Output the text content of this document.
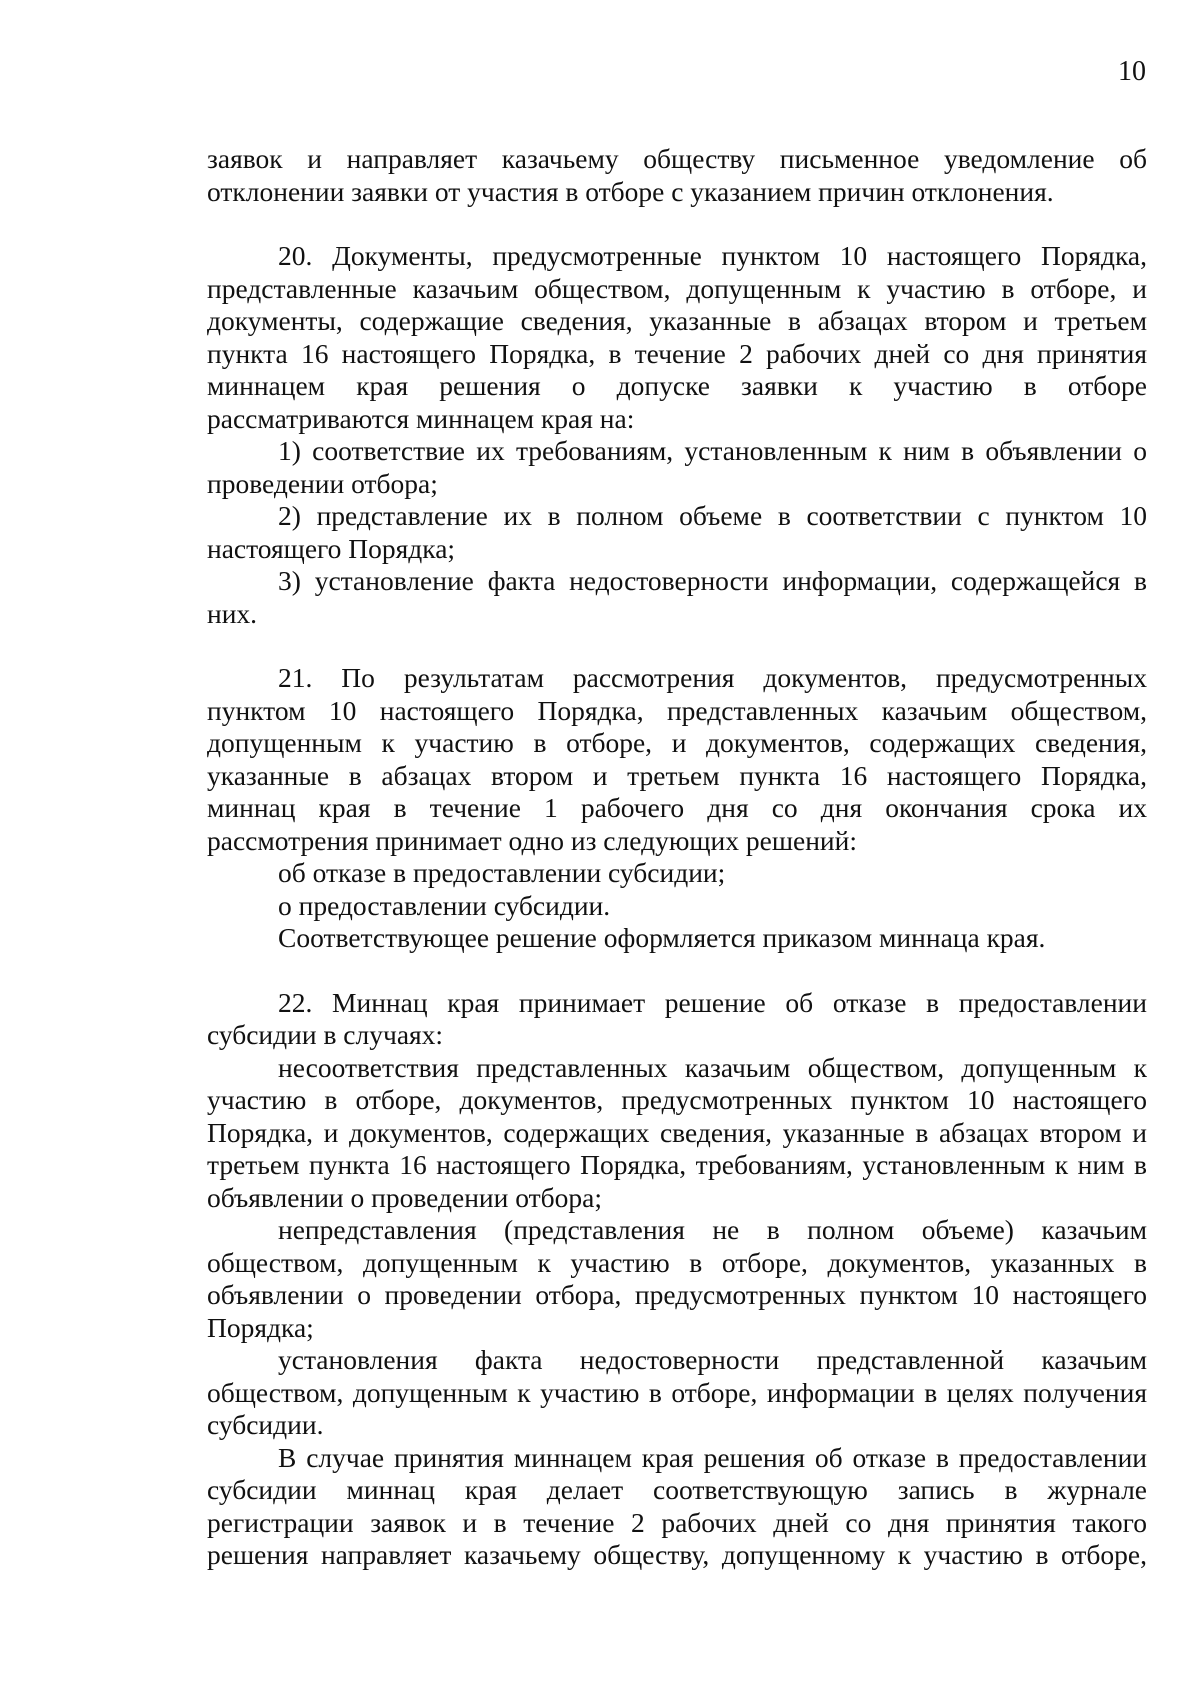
10
заявок и направляет казачьему обществу письменное уведомление об
отклонении заявки от участия в отборе с указанием причин отклонения.
20. Документы, предусмотренные пунктом 10 настоящего Порядка,
представленные казачьим обществом, допущенным к участию в отборе, и
документы, содержащие сведения, указанные в абзацах втором и третьем
пункта 16 настоящего Порядка, в течение 2 рабочих дней со дня принятия
миннацем края решения о допуске заявки к участию в отборе
рассматриваются миннацем края на:
1) соответствие их требованиям, установленным к ним в объявлении о
проведении отбора;
2) представление их в полном объеме в соответствии с пунктом 10
настоящего Порядка;
3) установление факта недостоверности информации, содержащейся в
них.
21. По результатам рассмотрения документов, предусмотренных
пунктом 10 настоящего Порядка, представленных казачьим обществом,
допущенным к участию в отборе, и документов, содержащих сведения,
указанные в абзацах втором и третьем пункта 16 настоящего Порядка,
миннац края в течение 1 рабочего дня со дня окончания срока их
рассмотрения принимает одно из следующих решений:
об отказе в предоставлении субсидии;
о предоставлении субсидии.
Соответствующее решение оформляется приказом миннаца края.
22. Миннац края принимает решение об отказе в предоставлении
субсидии в случаях:
несоответствия представленных казачьим обществом, допущенным к
участию в отборе, документов, предусмотренных пунктом 10 настоящего
Порядка, и документов, содержащих сведения, указанные в абзацах втором и
третьем пункта 16 настоящего Порядка, требованиям, установленным к ним в
объявлении о проведении отбора;
непредставления (представления не в полном объеме) казачьим
обществом, допущенным к участию в отборе, документов, указанных в
объявлении о проведении отбора, предусмотренных пунктом 10 настоящего
Порядка;
установления факта недостоверности представленной казачьим
обществом, допущенным к участию в отборе, информации в целях получения
субсидии.
В случае принятия миннацем края решения об отказе в предоставлении
субсидии миннац края делает соответствующую запись в журнале
регистрации заявок и в течение 2 рабочих дней со дня принятия такого
решения направляет казачьему обществу, допущенному к участию в отборе,
